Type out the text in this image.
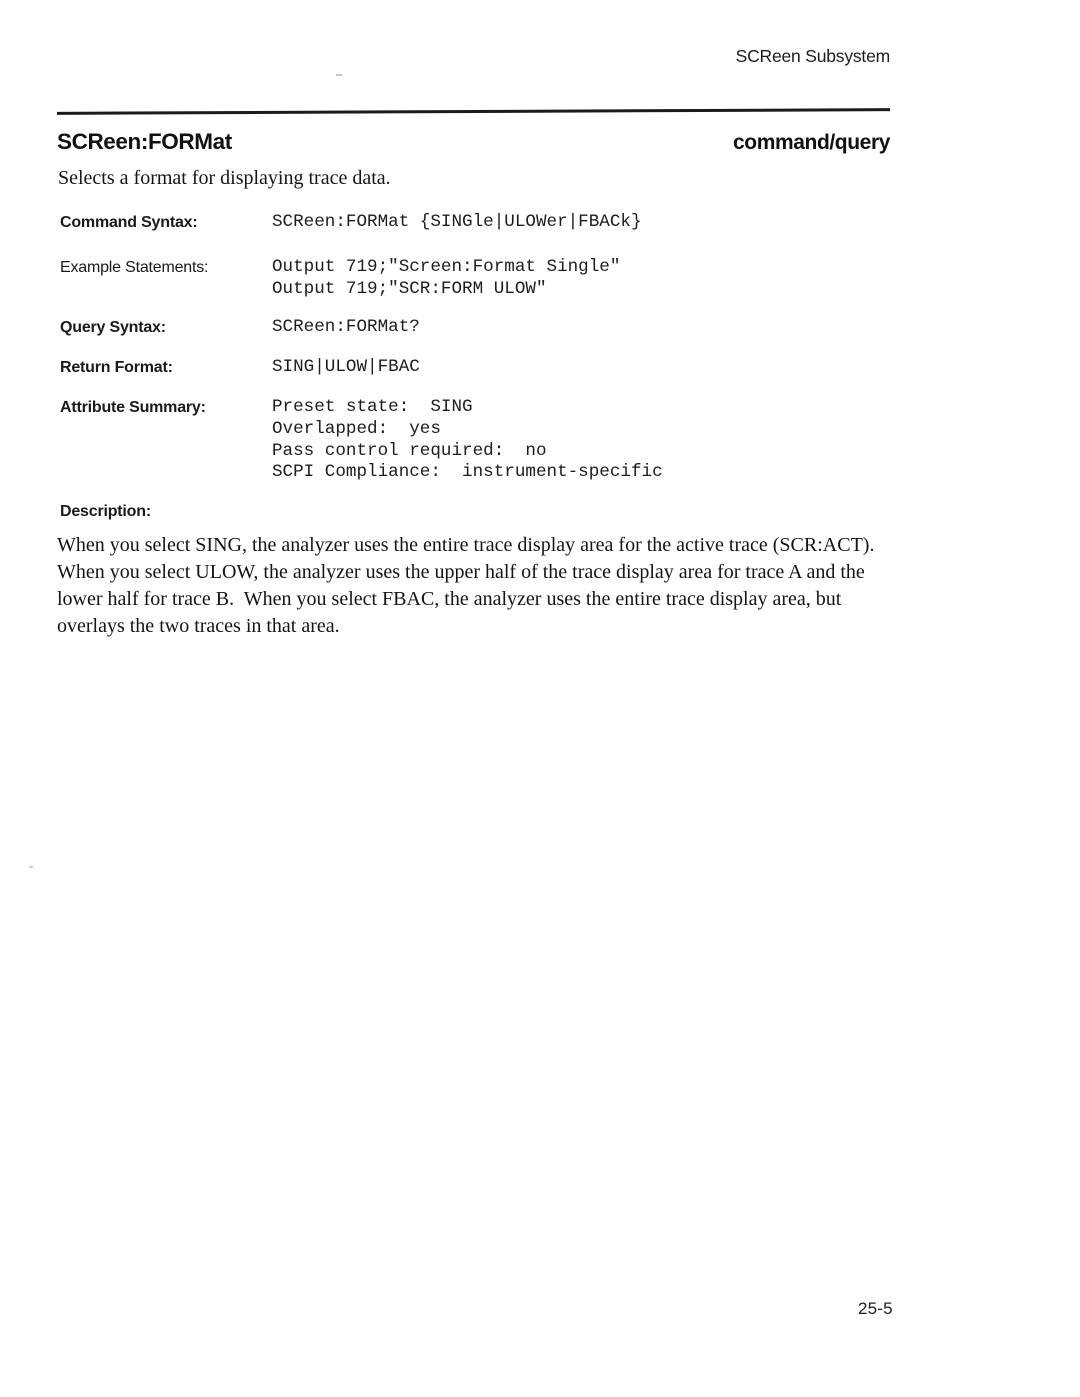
SCReen Subsystem
SCReen:FORMat	command/query

Selects a format for displaying trace data.

Command Syntax:	SCReen:FORMat {SINGle|ULOWer|FBACk}
Example Statements:	Output 719;"Screen:Format Single"
Output 719;"SCR:FORM ULOW"
Query Syntax:	SCReen:FORMat?
Return Format:	SING|ULOW|FBAC
Attribute Summary:	Preset state:  SING
Overlapped:  yes
Pass control required:  no
SCPI Compliance:  instrument-specific
Description:

When you select SING, the analyzer uses the entire trace display area for the active trace (SCR:ACT).  When you select ULOW, the analyzer uses the upper half of the trace display area for trace A and the lower half for trace B.  When you select FBAC, the analyzer uses the entire trace display area, but overlays the two traces in that area.

25-5
